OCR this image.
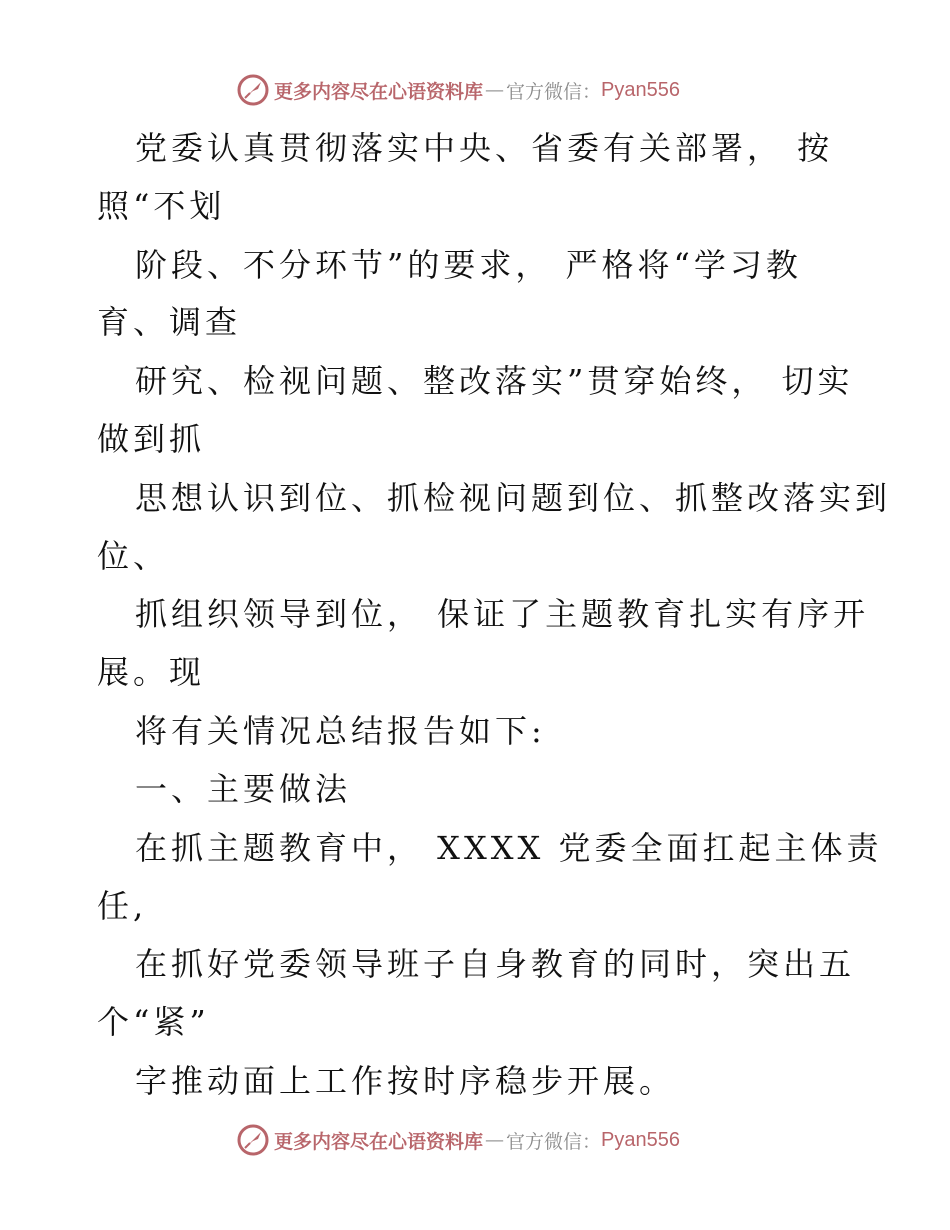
更多内容尽在心语资料库 — 官方微信： Pyan556
党委认真贯彻落实中央、省委有关部署， 按
照“不划
阶段、不分环节”的要求， 严格将“学习教
育、调查
研究、检视问题、整改落实”贯穿始终， 切实
做到抓
思想认识到位、抓检视问题到位、抓整改落实到
位、
抓组织领导到位， 保证了主题教育扎实有序开
展。现
将有关情况总结报告如下:
一、主要做法
在抓主题教育中， XXXX 党委全面扛起主体责
任,
在抓好党委领导班子自身教育的同时，突出五
个“紧”
字推动面上工作按时序稳步开展。
更多内容尽在心语资料库 — 官方微信： Pyan556
